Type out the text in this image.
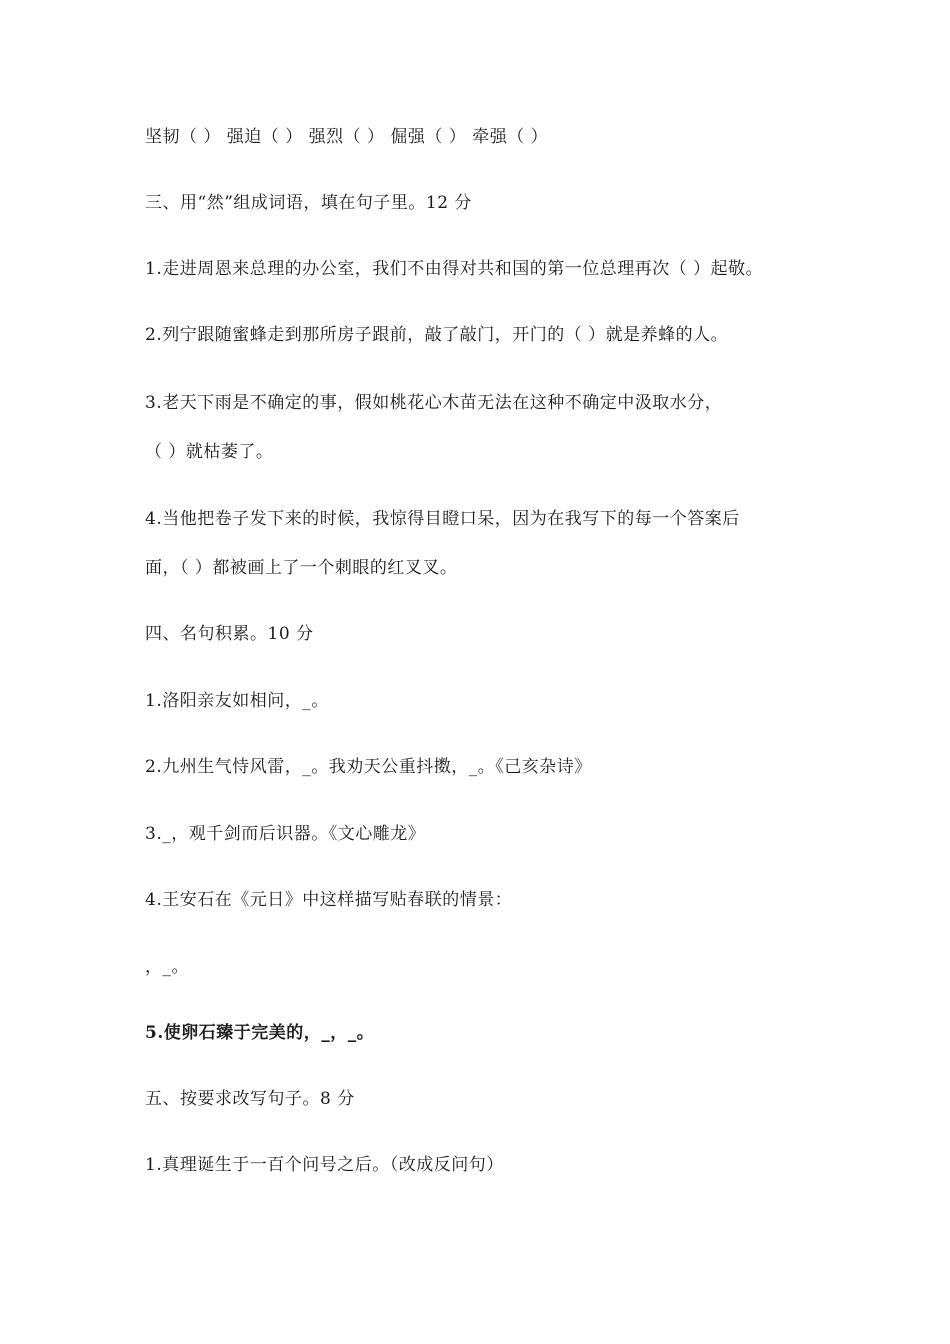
坚韧（ ） 强迫（ ） 强烈（ ） 倔强（ ） 牵强（ ）
三、用“然”组成词语，填在句子里。12 分
1.走进周恩来总理的办公室，我们不由得对共和国的第一位总理再次（ ）起敬。
2.列宁跟随蜜蜂走到那所房子跟前，敲了敲门，开门的（ ）就是养蜂的人。
3.老天下雨是不确定的事，假如桃花心木苗无法在这种不确定中汲取水分，
（ ）就枯萎了。
4.当他把卷子发下来的时候，我惊得目瞪口呆，因为在我写下的每一个答案后
面，（ ）都被画上了一个刺眼的红叉叉。
四、名句积累。10 分
1.洛阳亲友如相问，_。
2.九州生气恃风雷，_。我劝天公重抖擞，_。《己亥杂诗》
3._，观千剑而后识器。《文心雕龙》
4.王安石在《元日》中这样描写贴春联的情景：
，_。
5.使卵石臻于完美的，_，_。
五、按要求改写句子。8 分
1.真理诞生于一百个问号之后。（改成反问句）
